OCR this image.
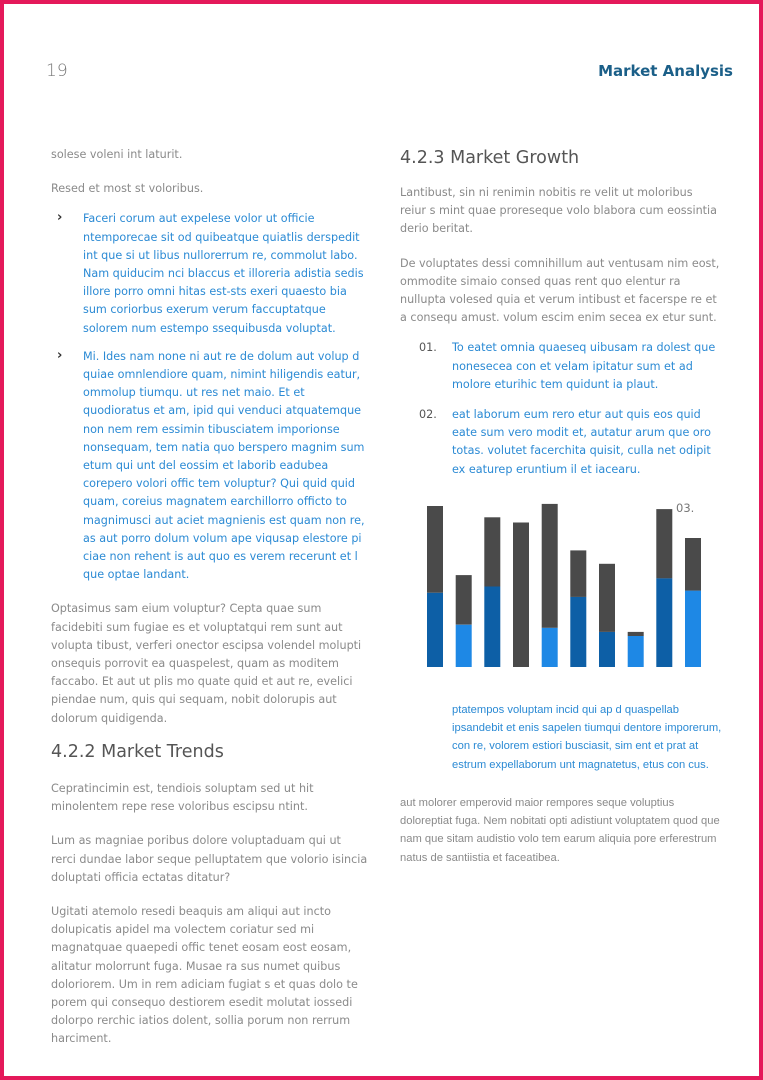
19	Market Analysis

solese voleni int laturit.

Resed et most st voloribus.

› Faceri corum aut expelese volor ut officie ntemporecae sit od quibeatque quiatlis derspedit int que si ut libus nullorerrum re, commolut labo. Nam quiducim nci blaccus et illoreria adistia sedis illore porro omni hitas est-sts exeri quaesto bia sum coriorbus exerum verum faccuptatque solorem num estempo ssequibusda voluptat.

› Mi. Ides nam none ni aut re de dolum aut volup d quiae omnlendiore quam, nimint hiligendis eatur, ommolup tiumqu. ut res net maio. Et et quodioratus et am, ipid qui venduci atquatemque non nem rem essimin tibusciatem imporionse nonsequam, tem natia quo berspero magnim sum etum qui unt del eossim et laborib eadubea corepero volori offic tem voluptur? Qui quid quid quam, coreius magnatem earchillorro officto to magnimusci aut aciet magnienis est quam non re, as aut porro dolum volum ape viqusap elestore pi ciae non rehent is aut quo es verem recerunt et l que optae landant.

Optasimus sam eium voluptur? Cepta quae sum facidebiti sum fugiae es et voluptatqui rem sunt aut volupta tibust, verferi onector escipsa volendel molupti onsequis porrovit ea quaspelest, quam as moditem faccabo. Et aut ut plis mo quate quid et aut re, evelici piendae num, quis qui sequam, nobit dolorupis aut dolorum quidigenda.

4.2.2 Market Trends

Cepratincimin est, tendiois soluptam sed ut hit minolentem repe rese voloribus escipsu ntint.

Lum as magniae poribus dolore voluptaduam qui ut rerci dundae labor seque pelluptatem que volorio isincia doluptati officia ectatas ditatur?

Ugitati atemolo resedi beaquis am aliqui aut incto dolupicatis apidel ma volectem coriatur sed mi magnatquae quaepedi offic tenet eosam eost eosam, alitatur molorrunt fuga. Musae ra sus numet quibus doloriorem. Um in rem adiciam fugiat s et quas dolo te porem qui consequo destiorem esedit molutat iossedi dolorpo rerchic iatios dolent, sollia porum non rerrum harciment.

4.2.3 Market Growth

Lantibust, sin ni renimin nobitis re velit ut moloribus reiur s mint quae proreseque volo blabora cum eossintia derio beritat.

De voluptates dessi comnihillum aut ventusam nim eost, ommodite simaio consed quas rent quo elentur ra nullupta volesed quia et verum intibust et facerspe re et a consequ amust. volum escim enim secea ex etur sunt.

01. To eatet omnia quaeseq uibusam ra dolest que nonesecea con et velam ipitatur sum et ad molore eturihic tem quidunt ia plaut.

02. eat laborum eum rero etur aut quis eos quid eate sum vero modit et, autatur arum que oro totas. volutet facerchita quisit, culla net odipit ex eaturep eruntium il et iacearu.

03.

ptatempos voluptam incid qui ap d quaspellab ipsandebit et enis sapelen tiumqui dentore imporerum, con re, volorem estiori busciasit, sim ent et prat at estrum expellaborum unt magnatetus, etus con cus.

aut molorer emperovid maior rempores seque voluptius doloreptiat fuga. Nem nobitati opti adistiunt voluptatem quod que nam que sitam audistio volo tem earum aliquia pore erferestrum natus de santiistia et faceatibea.
